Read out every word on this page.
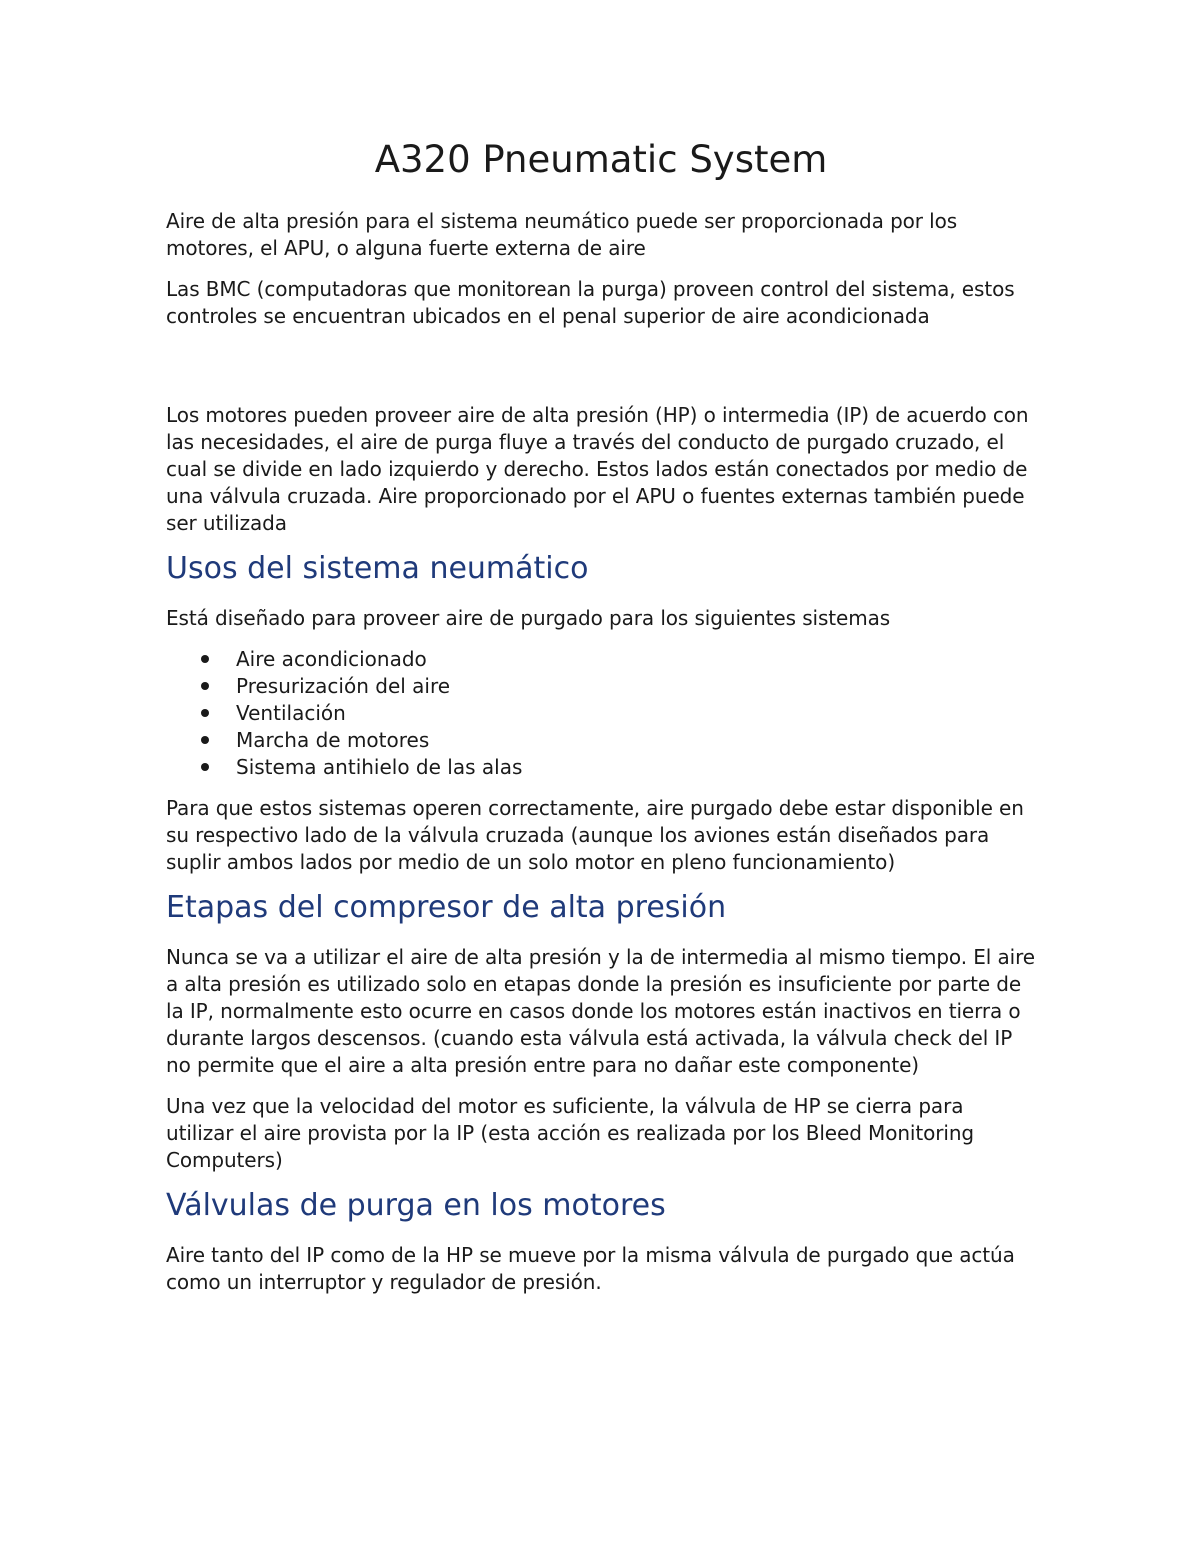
A320 Pneumatic System

Aire de alta presión para el sistema neumático puede ser proporcionada por los motores, el APU, o alguna fuerte externa de aire

Las BMC (computadoras que monitorean la purga) proveen control del sistema, estos controles se encuentran ubicados en el penal superior de aire acondicionada

Los motores pueden proveer aire de alta presión (HP) o intermedia (IP) de acuerdo con las necesidades, el aire de purga fluye a través del conducto de purgado cruzado, el cual se divide en lado izquierdo y derecho. Estos lados están conectados por medio de una válvula cruzada. Aire proporcionado por el APU o fuentes externas también puede ser utilizada

Usos del sistema neumático

Está diseñado para proveer aire de purgado para los siguientes sistemas

Aire acondicionado
Presurización del aire
Ventilación
Marcha de motores
Sistema antihielo de las alas

Para que estos sistemas operen correctamente, aire purgado debe estar disponible en su respectivo lado de la válvula cruzada (aunque los aviones están diseñados para suplir ambos lados por medio de un solo motor en pleno funcionamiento)

Etapas del compresor de alta presión

Nunca se va a utilizar el aire de alta presión y la de intermedia al mismo tiempo. El aire a alta presión es utilizado solo en etapas donde la presión es insuficiente por parte de la IP, normalmente esto ocurre en casos donde los motores están inactivos en tierra o durante largos descensos. (cuando esta válvula está activada, la válvula check del IP no permite que el aire a alta presión entre para no dañar este componente)

Una vez que la velocidad del motor es suficiente, la válvula de HP se cierra para utilizar el aire provista por la IP (esta acción es realizada por los Bleed Monitoring Computers)

Válvulas de purga en los motores

Aire tanto del IP como de la HP se mueve por la misma válvula de purgado que actúa como un interruptor y regulador de presión.
